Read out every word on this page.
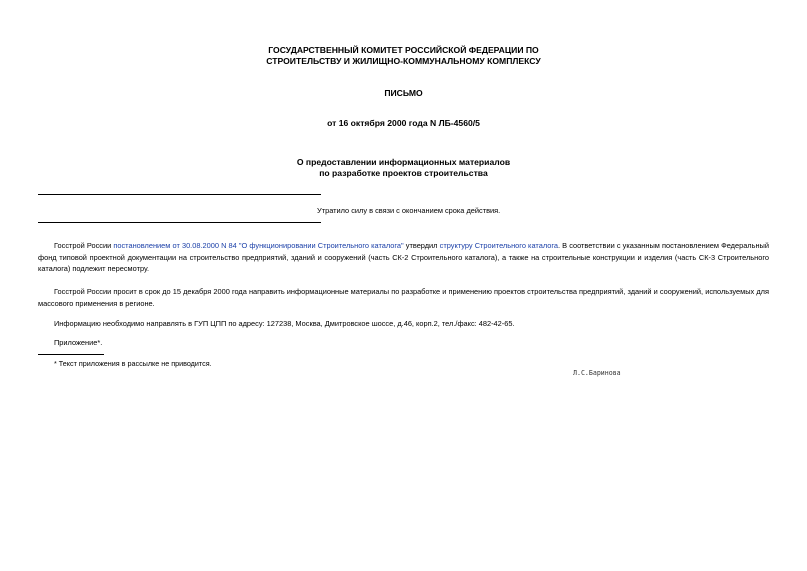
ГОСУДАРСТВЕННЫЙ КОМИТЕТ РОССИЙСКОЙ ФЕДЕРАЦИИ ПО
СТРОИТЕЛЬСТВУ И ЖИЛИЩНО-КОММУНАЛЬНОМУ КОМПЛЕКСУ
ПИСЬМО
от 16 октября 2000 года N ЛБ-4560/5
О предоставлении информационных материалов
по разработке проектов строительства
Утратило силу в связи с окончанием срока действия.
Госстрой России постановлением от 30.08.2000 N 84 "О функционировании Строительного каталога" утвердил структуру Строительного каталога. В соответствии с указанным постановлением Федеральный фонд типовой проектной документации на строительство предприятий, зданий и сооружений (часть СК-2 Строительного каталога), а также на строительные конструкции и изделия (часть СК-3 Строительного каталога) подлежит пересмотру.
Госстрой России просит в срок до 15 декабря 2000 года направить информационные материалы по разработке и применению проектов строительства предприятий, зданий и сооружений, используемых для массового применения в регионе.
Информацию необходимо направлять в ГУП ЦПП по адресу: 127238, Москва, Дмитровское шоссе, д.46, корп.2, тел./факс: 482-42-65.
Приложение*.
* Текст приложения в рассылке не приводится.
Л.С.Баринова
